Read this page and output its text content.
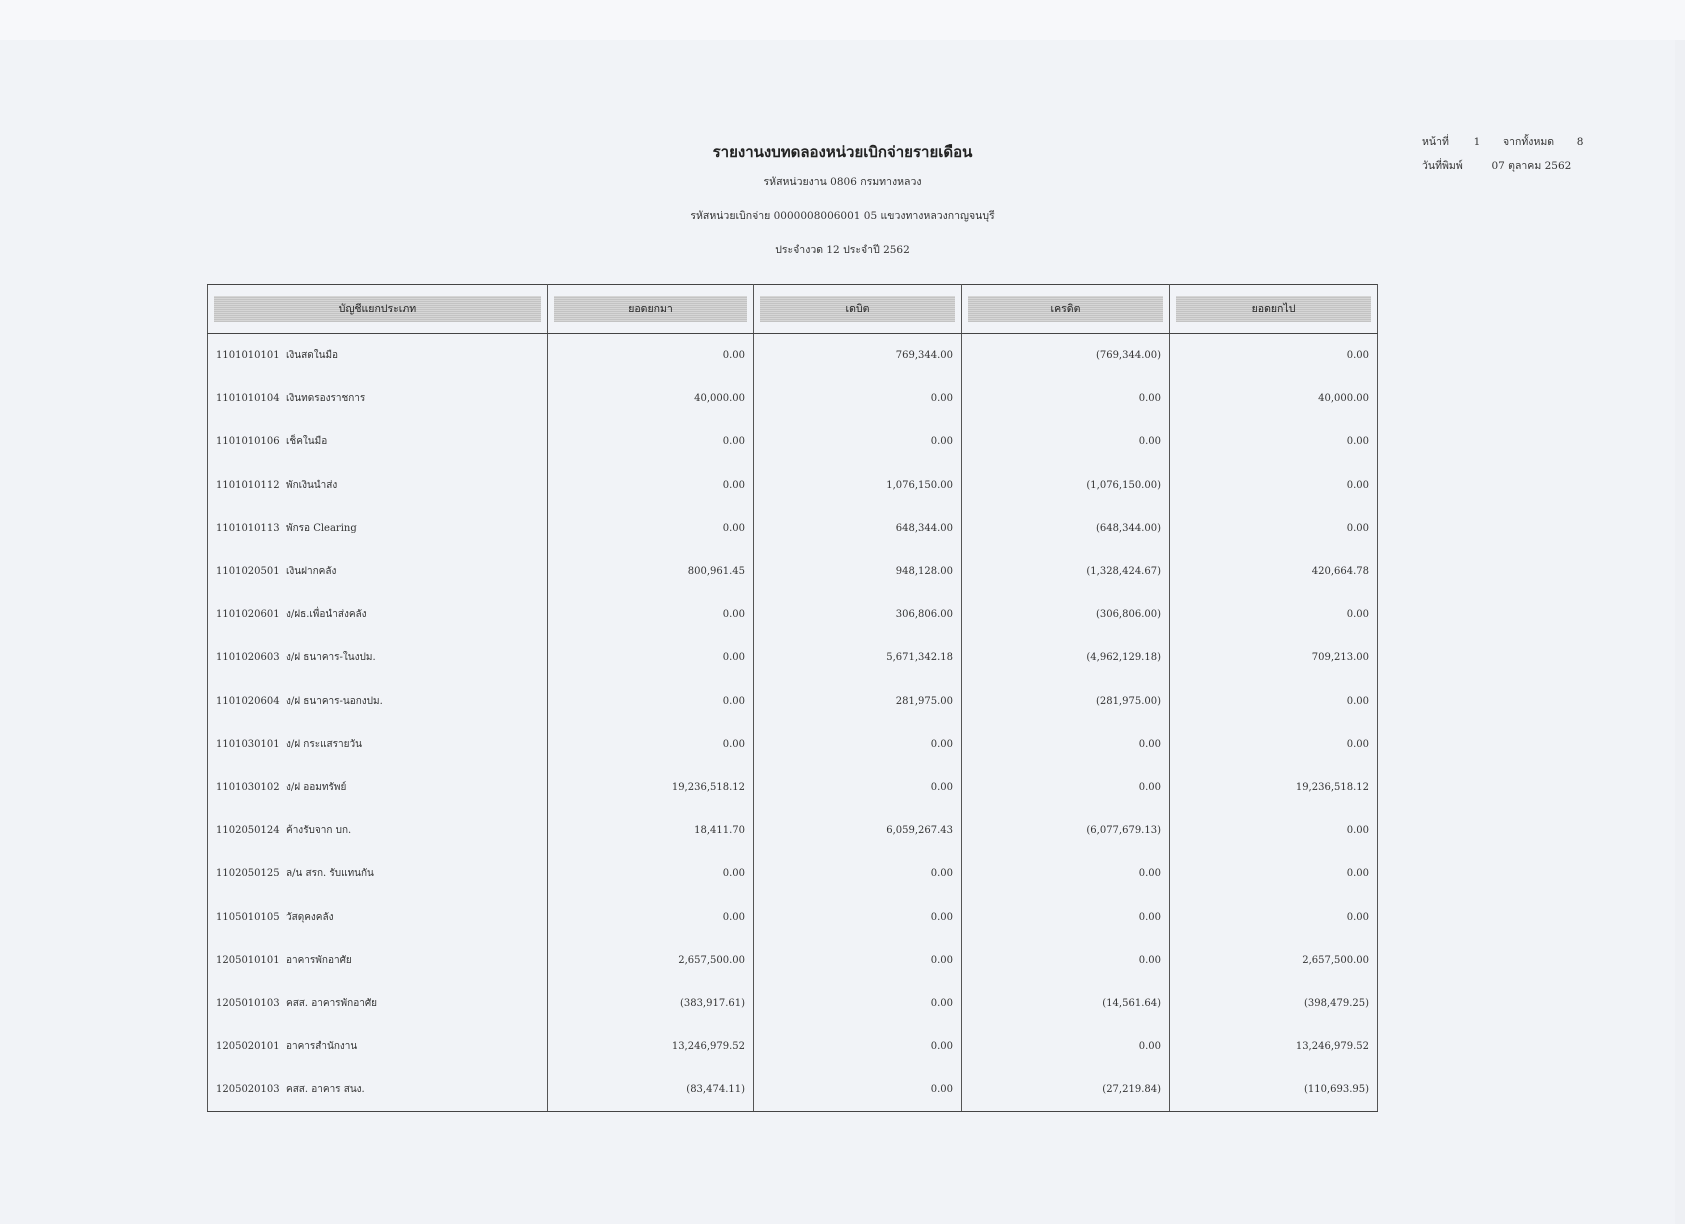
รายงานงบทดลองหน่วยเบิกจ่ายรายเดือน
รหัสหน่วยงาน 0806 กรมทางหลวง
รหัสหน่วยเบิกจ่าย 0000008006001 05 แขวงทางหลวงกาญจนบุรี
ประจำงวด 12 ประจำปี 2562
หน้าที่ 1 จากทั้งหมด 8
วันที่พิมพ์	07 ตุลาคม 2562
บัญชีแยกประเภท	ยอดยกมา	เดบิต	เครดิต	ยอดยกไป

1101010101 เงินสดในมือ	0.00	769,344.00	(769,344.00)	0.00
1101010104 เงินทดรองราชการ	40,000.00	0.00	0.00	40,000.00
1101010106 เช็คในมือ	0.00	0.00	0.00	0.00
1101010112 พักเงินนำส่ง	0.00	1,076,150.00	(1,076,150.00)	0.00
1101010113 พักรอ Clearing	0.00	648,344.00	(648,344.00)	0.00
1101020501 เงินฝากคลัง	800,961.45	948,128.00	(1,328,424.67)	420,664.78
1101020601 ง/ฝธ.เพื่อนำส่งคลัง	0.00	306,806.00	(306,806.00)	0.00
1101020603 ง/ฝ ธนาคาร-ในงปม.	0.00	5,671,342.18	(4,962,129.18)	709,213.00
1101020604 ง/ฝ ธนาคาร-นอกงปม.	0.00	281,975.00	(281,975.00)	0.00
1101030101 ง/ฝ กระแสรายวัน	0.00	0.00	0.00	0.00
1101030102 ง/ฝ ออมทรัพย์	19,236,518.12	0.00	0.00	19,236,518.12
1102050124 ค้างรับจาก บก.	18,411.70	6,059,267.43	(6,077,679.13)	0.00
1102050125 ล/น สรก. รับแทนกัน	0.00	0.00	0.00	0.00
1105010105 วัสดุคงคลัง	0.00	0.00	0.00	0.00
1205010101 อาคารพักอาศัย	2,657,500.00	0.00	0.00	2,657,500.00
1205010103 คสส. อาคารพักอาศัย	(383,917.61)	0.00	(14,561.64)	(398,479.25)
1205020101 อาคารสำนักงาน	13,246,979.52	0.00	0.00	13,246,979.52
1205020103 คสส. อาคาร สนง.	(83,474.11)	0.00	(27,219.84)	(110,693.95)
